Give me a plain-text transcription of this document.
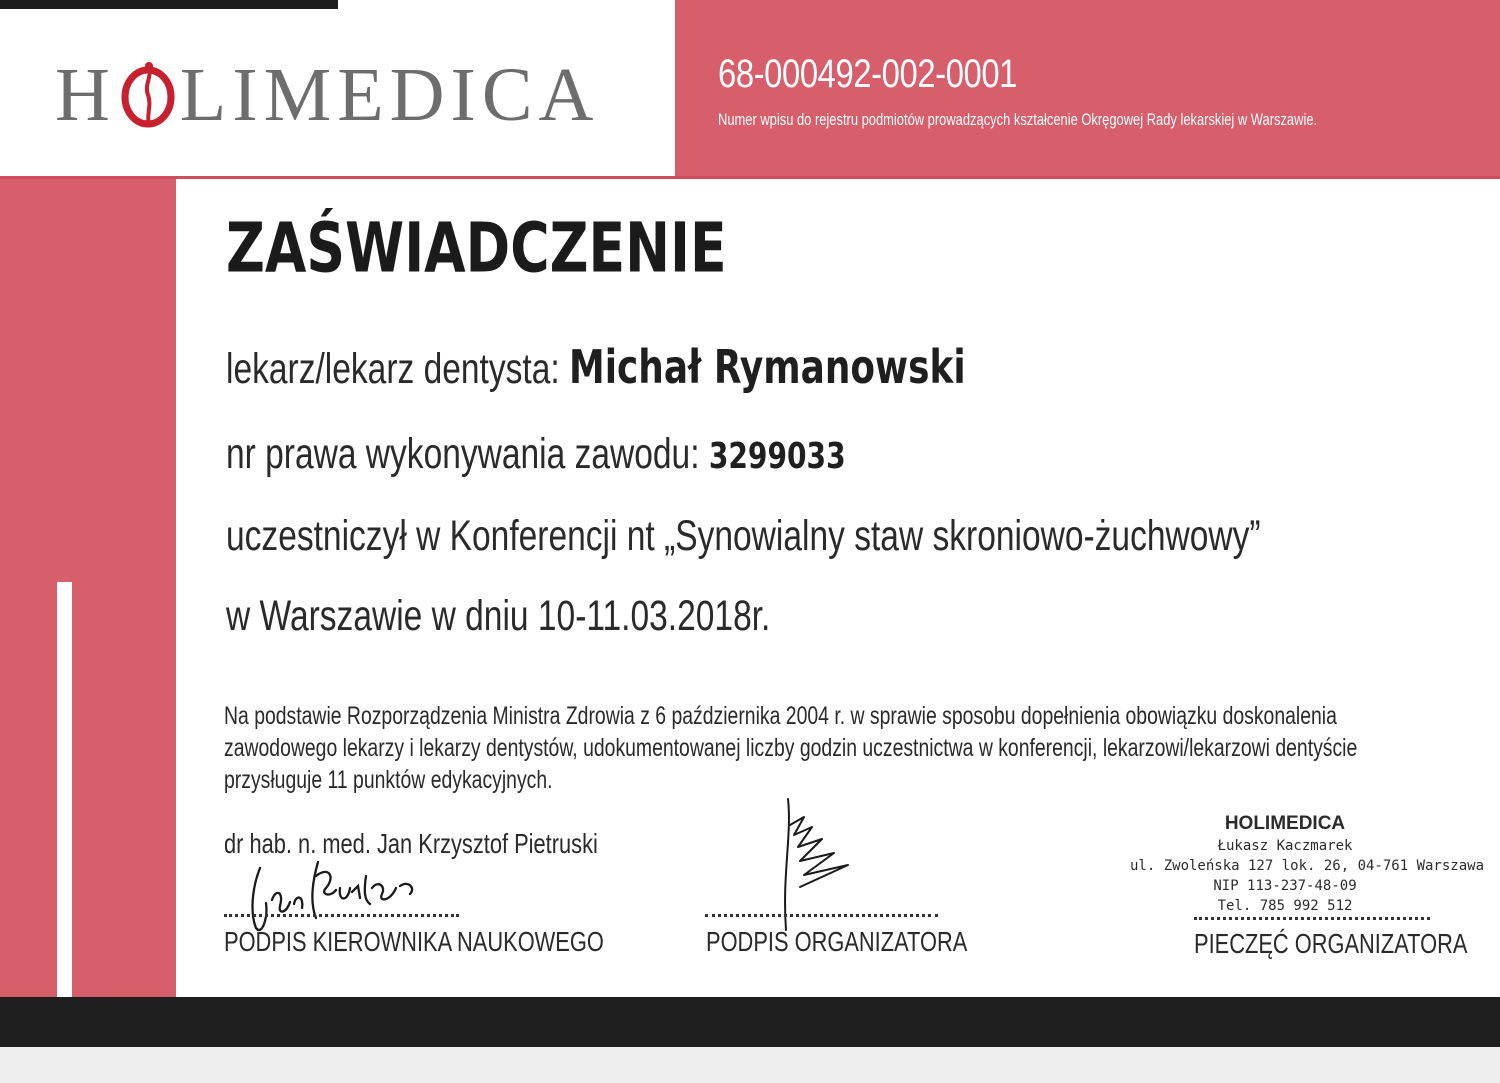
H LIMEDICA	68-000492-002-0001
Numer wpisu do rejestru podmiotów prowadzących kształcenie Okręgowej Rady lekarskiej w Warszawie.
ZAŚWIADCZENIE
lekarz/lekarz dentysta: Michał Rymanowski
nr prawa wykonywania zawodu: 3299033
uczestniczył w Konferencji nt „Synowialny staw skroniowo-żuchwowy”
w Warszawie w dniu 10-11.03.2018r.
Na podstawie Rozporządzenia Ministra Zdrowia z 6 października 2004 r. w sprawie sposobu dopełnienia obowiązku doskonalenia
zawodowego lekarzy i lekarzy dentystów, udokumentowanej liczby godzin uczestnictwa w konferencji, lekarzowi/lekarzowi dentyście
przysługuje 11 punktów edykacyjnych.
dr hab. n. med. Jan Krzysztof Pietruski
PODPIS KIEROWNIKA NAUKOWEGO	PODPIS ORGANIZATORA
HOLIMEDICA
Łukasz Kaczmarek
ul. Zwoleńska 127 lok. 26, 04-761 Warszawa
NIP 113-237-48-09
Tel. 785 992 512
PIECZĘĆ ORGANIZATORA
